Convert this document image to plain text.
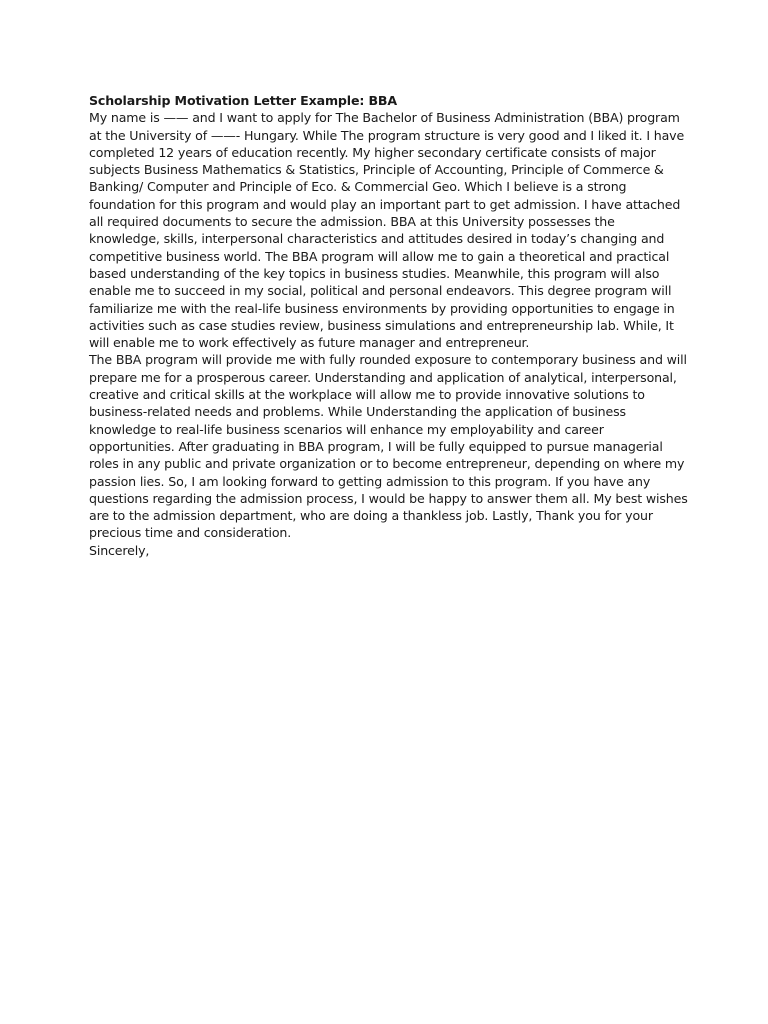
Scholarship Motivation Letter Example: BBA

My name is —— and I want to apply for The Bachelor of Business Administration (BBA) program at the University of ——- Hungary. While The program structure is very good and I liked it. I have completed 12 years of education recently. My higher secondary certificate consists of major subjects Business Mathematics & Statistics, Principle of Accounting, Principle of Commerce & Banking/ Computer and Principle of Eco. & Commercial Geo. Which I believe is a strong foundation for this program and would play an important part to get admission. I have attached all required documents to secure the admission. BBA at this University possesses the knowledge, skills, interpersonal characteristics and attitudes desired in today’s changing and competitive business world. The BBA program will allow me to gain a theoretical and practical based understanding of the key topics in business studies. Meanwhile, this program will also enable me to succeed in my social, political and personal endeavors. This degree program will familiarize me with the real-life business environments by providing opportunities to engage in activities such as case studies review, business simulations and entrepreneurship lab. While, It will enable me to work effectively as future manager and entrepreneur.

The BBA program will provide me with fully rounded exposure to contemporary business and will prepare me for a prosperous career. Understanding and application of analytical, interpersonal, creative and critical skills at the workplace will allow me to provide innovative solutions to business-related needs and problems. While Understanding the application of business knowledge to real-life business scenarios will enhance my employability and career opportunities. After graduating in BBA program, I will be fully equipped to pursue managerial roles in any public and private organization or to become entrepreneur, depending on where my passion lies. So, I am looking forward to getting admission to this program. If you have any questions regarding the admission process, I would be happy to answer them all. My best wishes are to the admission department, who are doing a thankless job. Lastly, Thank you for your precious time and consideration.

Sincerely,
